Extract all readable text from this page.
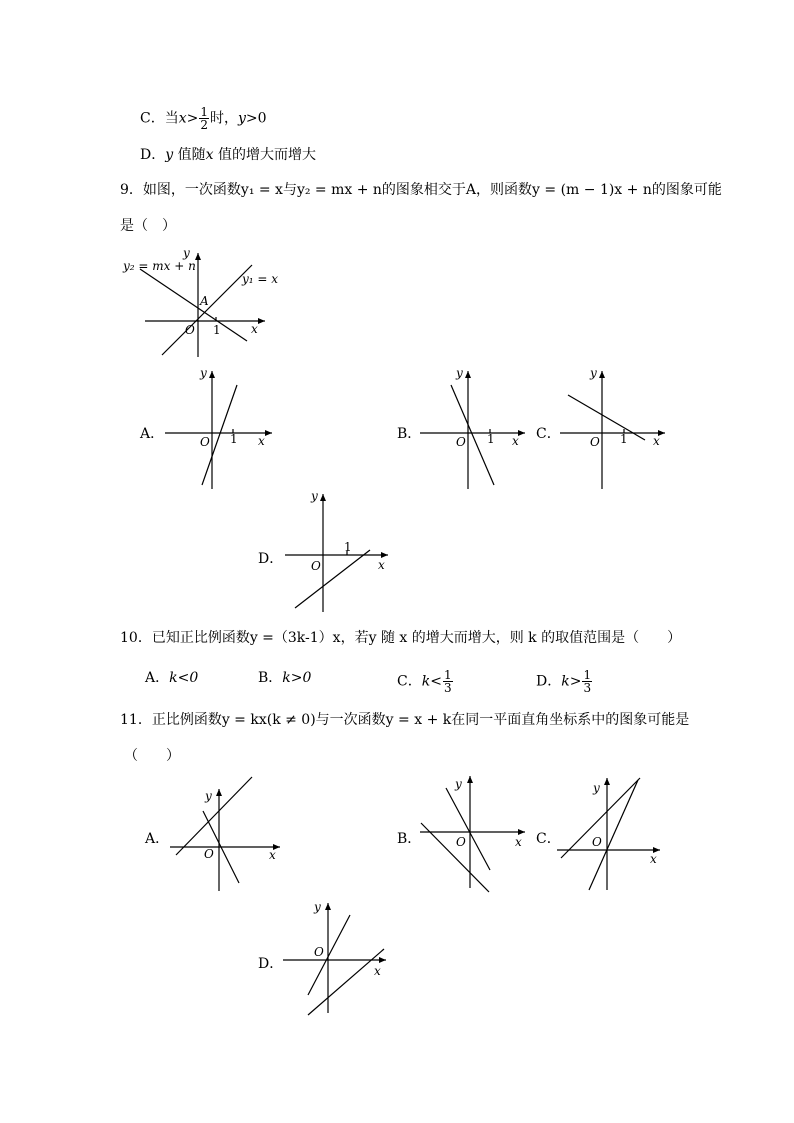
C．当$x> \frac{1}{2}$ 时，y>0
D．y 值随x 值的增大而增大
9．如图，一次函数y₁ = x与y₂ = mx + n的图象相交于A，则函数y = (m − 1)x + n的图象可能
是（　）
y₂ = mx + n
y₁ = x
A
O 1	x
y
A．	O 1 x
y
B．	O 1 x
y
C． O 1 x
y
D． O
1
x
y
10．已知正比例函数y =（3k-1）x，若y 随 x 的增大而增大，则 k 的取值范围是（　　）
A．k<0	B．k>0	C．$k< \frac{1}{3}$	D．$k> \frac{1}{3}$
11．正比例函数y = kx(k ≠ 0)与一次函数y = x + k在同一平面直角坐标系中的图象可能是
（　　）
A．
O	x
y
B．	O	x
y
C．	O
x
y
D．
O
x
y
